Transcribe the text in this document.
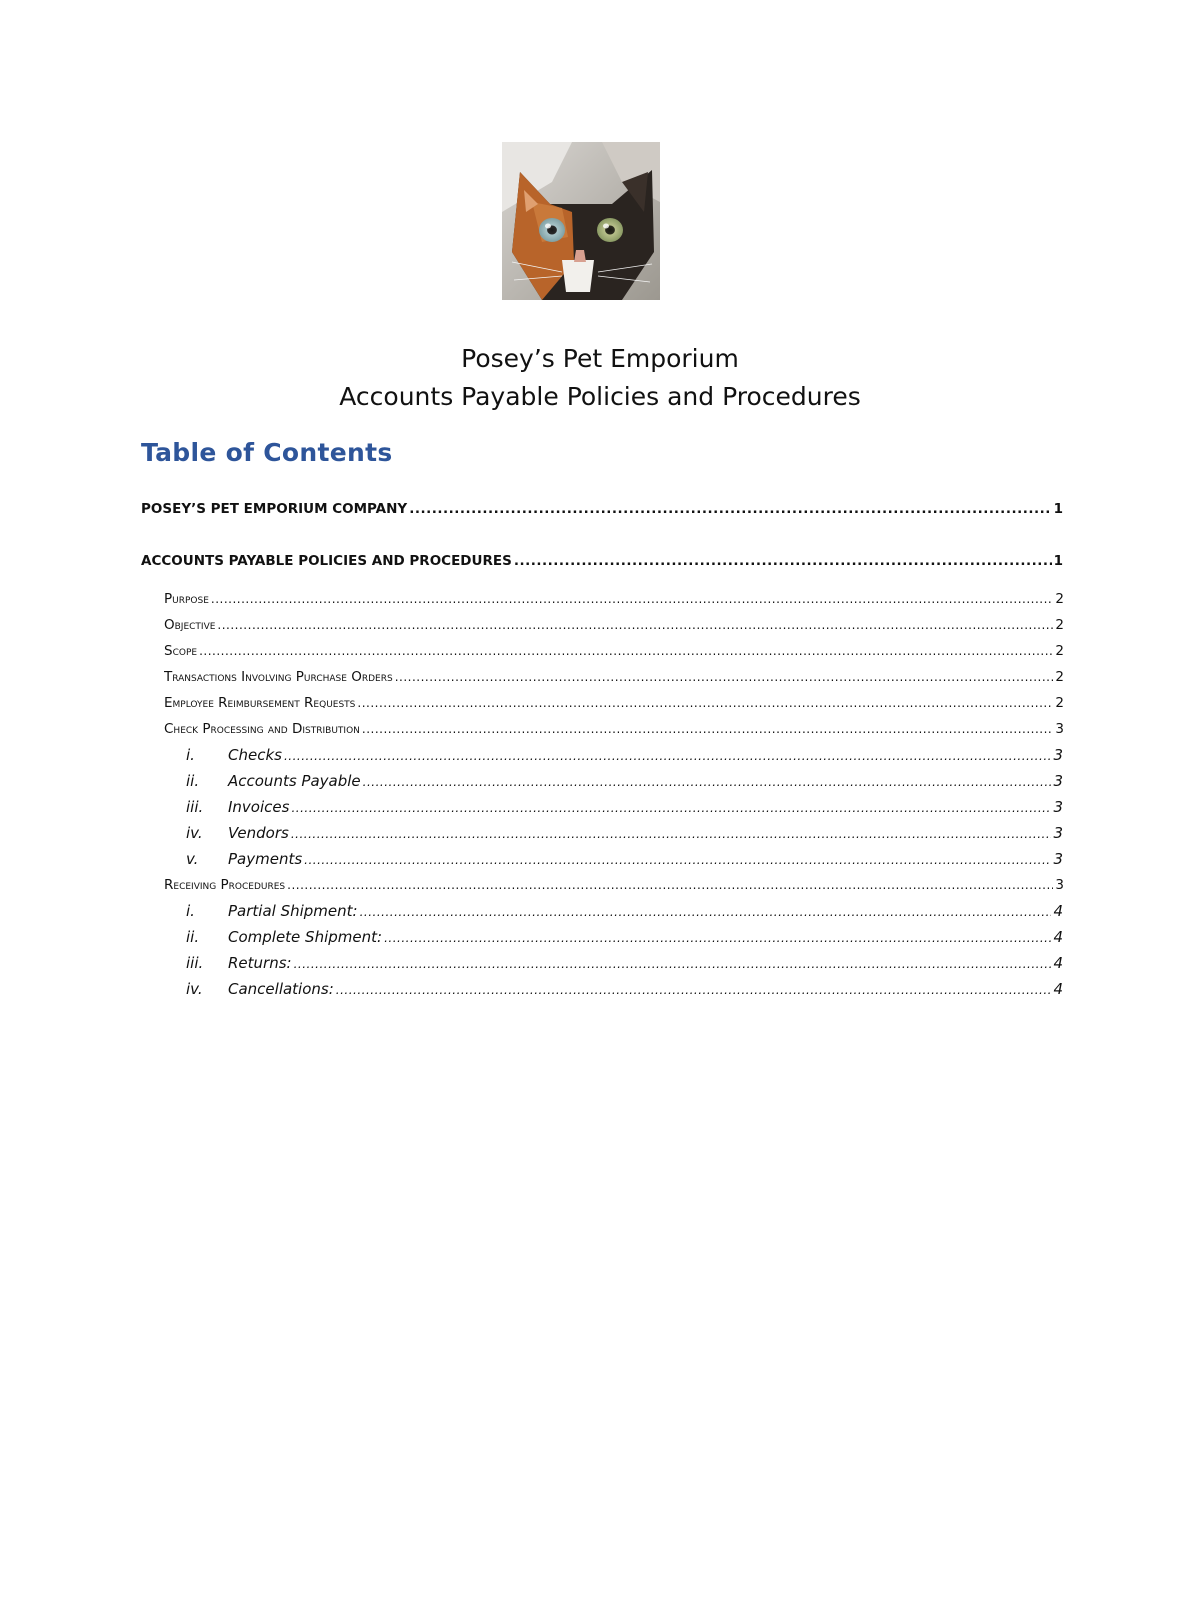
Posey’s Pet Emporium
Accounts Payable Policies and Procedures
Table of Contents
POSEY’S PET EMPORIUM COMPANY .....	1
ACCOUNTS PAYABLE POLICIES AND PROCEDURES .....	1
Purpose .....	2
Objective .....	2
Scope .....	2
Transactions Involving Purchase Orders .....	2
Employee Reimbursement Requests .....	2
Check Processing and Distribution .....	3
i.	Checks .....	3
ii.	Accounts Payable .....	3
iii.	Invoices .....	3
iv.	Vendors .....	3
v.	Payments .....	3
Receiving Procedures .....	3
i.	Partial Shipment: .....	4
ii.	Complete Shipment: .....	4
iii.	Returns: .....	4
iv.	Cancellations: .....	4
